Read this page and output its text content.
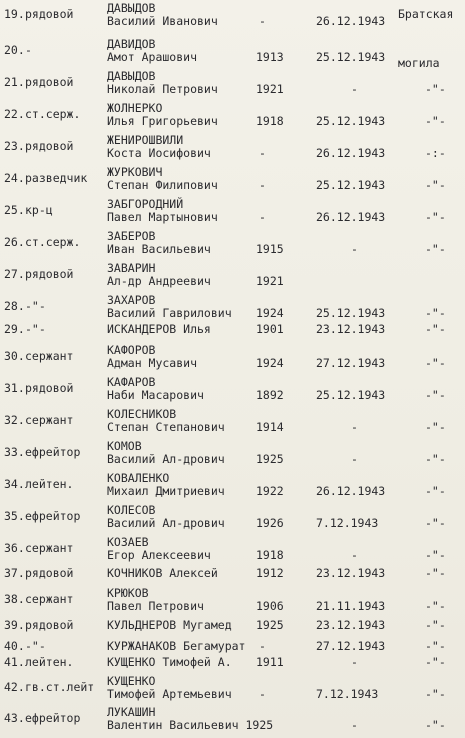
19. рядовой	ДАВЫДОВ
Василий Иванович	-	26.12.1943 Братская
20. -	ДАВИДОВ
Амот Арашович	1913	25.12.1943 могила
21. рядовой	ДАВЫДОВ
Николай Петрович	1921	-	-"-
22. ст.серж. ЖОЛНЕРКО
Илья Григорьевич	1918	25.12.1943	-"-
23. рядовой	ЖЕНИРОШВИЛИ
Коста Иосифович	-	26.12.1943	-:-
24. разведчик ЖУРКОВИЧ
Степан Филипович	-	25.12.1943	-"-
25. кр-ц	ЗАБГОРОДНИЙ
Павел Мартынович	-	26.12.1943	-"-
26. ст.серж. ЗАБЕРОВ
Иван Васильевич	1915	-	-"-
27. рядовой	ЗАВАРИН
Ал-др Андреевич	1921
28. -"-	ЗАХАРОВ
Василий Гаврилович 1924	25.12.1943	-"-
29. -"-	ИСКАНДЕРОВ Илья	1901	23.12.1943	-"-
30. сержант	КАФОРОВ
Адман Мусавич	1924	27.12.1943	-"-
31. рядовой	КАФАРОВ
Наби Масарович	1892	25.12.1943	-"-
32. сержант	КОЛЕСНИКОВ
Степан Степанович	1914	-	-"-
33. ефрейтор КОМОВ
Василий Ал-дрович	1925	-	-"-
34. лейтен.	КОВАЛЕНКО
Михаил Дмитриевич	1922	26.12.1943	-"-
35. ефрейтор КОЛЕСОВ
Василий Ал-дрович	1926	7.12.1943	-"-
36. сержант	КОЗАЕВ
Егор Алексеевич	1918	-	-"-
37. рядовой	КОЧНИКОВ Алексей	1912	23.12.1943	-"-
38. сержант	КРЮКОВ
Павел Петрович	1906	21.11.1943	-"-
39. рядовой	КУЛЬДНЕРОВ Мугамед 1925	23.12.1943	-"-
40. -"-	КУРЖАНАКОВ Бегамурат -	27.12.1943	-"-
41. лейтен.	КУЩЕНКО Тимофей А. 1911	-	-"-
42. гв.ст.лейт КУЩЕНКО
Тимофей Артемьевич -	7.12.1943	-"-
43. ефрейтор ЛУКАШИН
Валентин Васильевич 1925	-	-"-
